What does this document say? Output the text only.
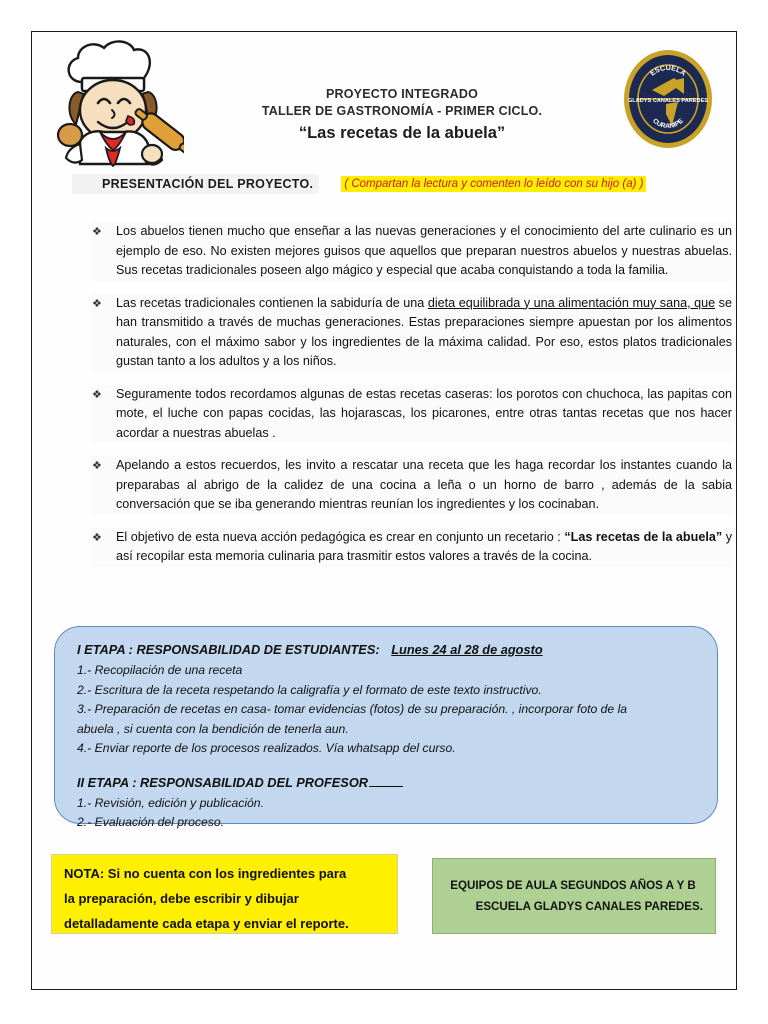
ESCUELA
CURANIPE
GLADYS CANALES PAREDES
PROYECTO INTEGRADO
TALLER DE GASTRONOMÍA - PRIMER CICLO.
“Las recetas de la abuela”
PRESENTACIÓN DEL PROYECTO.	( Compartan la lectura y comenten lo leído con su hijo (a) )
❖	Los abuelos tienen mucho que enseñar a las nuevas generaciones y el conocimiento del arte culinario es un ejemplo de eso. No existen mejores guisos que aquellos que preparan nuestros abuelos y nuestras abuelas. Sus recetas tradicionales poseen algo mágico y especial que acaba conquistando a toda la familia.
❖	Las recetas tradicionales contienen la sabiduría de una dieta equilibrada y una alimentación muy sana, que se han transmitido a través de muchas generaciones. Estas preparaciones siempre apuestan por los alimentos naturales, con el máximo sabor y los ingredientes de la máxima calidad. Por eso, estos platos tradicionales gustan tanto a los adultos y a los niños.
❖	Seguramente todos recordamos algunas de estas recetas caseras: los porotos con chuchoca, las papitas con mote, el luche con papas cocidas, las hojarascas, los picarones, entre otras tantas recetas que nos hacer acordar a nuestras abuelas .
❖	Apelando a estos recuerdos, les invito a rescatar una receta que les haga recordar los instantes cuando la preparabas al abrigo de la calidez de una cocina a leña o un horno de barro , además de la sabia conversación que se iba generando mientras reunían los ingredientes y los cocinaban.
❖	El objetivo de esta nueva acción pedagógica es crear en conjunto un recetario : “Las recetas de la abuela” y así recopilar esta memoria culinaria para trasmitir estos valores a través de la cocina.
I ETAPA : RESPONSABILIDAD DE ESTUDIANTES: Lunes 24 al 28 de agosto
1.- Recopilación de una receta
2.- Escritura de la receta respetando la caligrafía y el formato de este texto instructivo.
3.- Preparación de recetas en casa- tomar evidencias (fotos) de su preparación. , incorporar foto de la
abuela , si cuenta con la bendición de tenerla aun.
4.- Enviar reporte de los procesos realizados. Vía whatsapp del curso.
II ETAPA : RESPONSABILIDAD DEL PROFESOR
1.- Revisión, edición y publicación.
2.- Evaluación del proceso.
NOTA: Si no cuenta con los ingredientes para
la preparación, debe escribir y dibujar
detalladamente cada etapa y enviar el reporte.
EQUIPOS DE AULA SEGUNDOS AÑOS A Y B
ESCUELA GLADYS CANALES PAREDES.
